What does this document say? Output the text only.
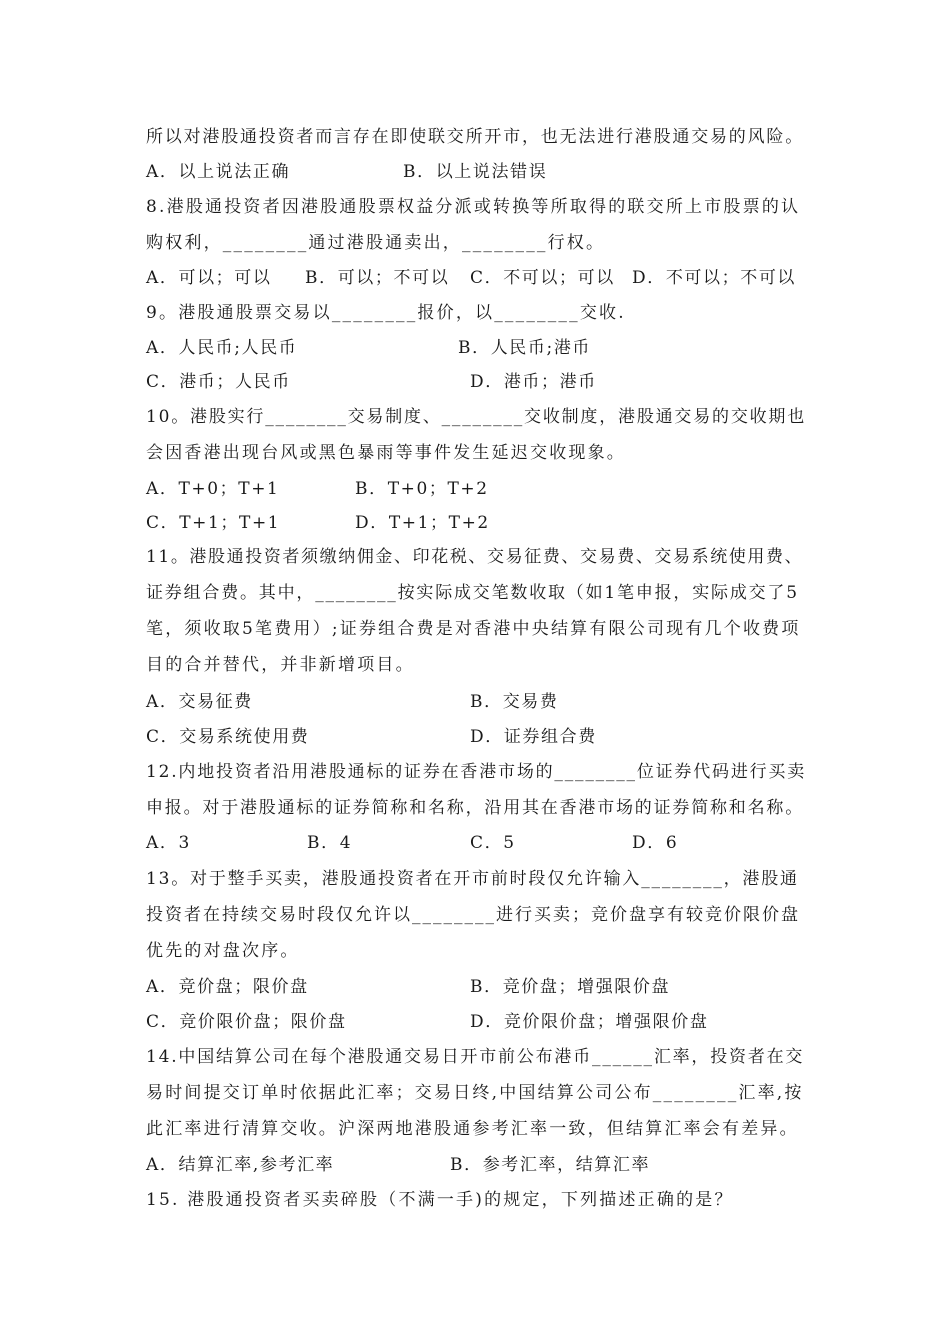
所以对港股通投资者而言存在即使联交所开市，也无法进行港股通交易的风险。
A．以上说法正确	B．以上说法错误
8.港股通投资者因港股通股票权益分派或转换等所取得的联交所上市股票的认
购权利，________通过港股通卖出，________行权。
A．可以；可以 B．可以；不可以 C．不可以；可以 D．不可以；不可以
9。港股通股票交易以________报价，以________交收.
A．人民币;人民币	B．人民币;港币
C．港币；人民币	D．港币；港币
10。港股实行________交易制度、________交收制度，港股通交易的交收期也
会因香港出现台风或黑色暴雨等事件发生延迟交收现象。
A．T+0；T+1	B．T+0；T+2
C．T+1；T+1	D．T+1；T+2
11。港股通投资者须缴纳佣金、印花税、交易征费、交易费、交易系统使用费、
证券组合费。其中，________按实际成交笔数收取（如1笔申报，实际成交了5
笔，须收取5笔费用）;证券组合费是对香港中央结算有限公司现有几个收费项
目的合并替代，并非新增项目。
A．交易征费	B．交易费
C．交易系统使用费	D．证券组合费
12.内地投资者沿用港股通标的证券在香港市场的________位证券代码进行买卖
申报。对于港股通标的证券简称和名称，沿用其在香港市场的证券简称和名称。
A．3	B．4	C．5	D．6
13。对于整手买卖，港股通投资者在开市前时段仅允许输入________，港股通
投资者在持续交易时段仅允许以________进行买卖；竞价盘享有较竞价限价盘
优先的对盘次序。
A．竞价盘；限价盘	B．竞价盘；增强限价盘
C．竞价限价盘；限价盘	D．竞价限价盘；增强限价盘
14.中国结算公司在每个港股通交易日开市前公布港币______汇率，投资者在交
易时间提交订单时依据此汇率；交易日终,中国结算公司公布________汇率,按
此汇率进行清算交收。沪深两地港股通参考汇率一致，但结算汇率会有差异。
A．结算汇率,参考汇率	B．参考汇率，结算汇率
15. 港股通投资者买卖碎股（不满一手)的规定，下列描述正确的是？
